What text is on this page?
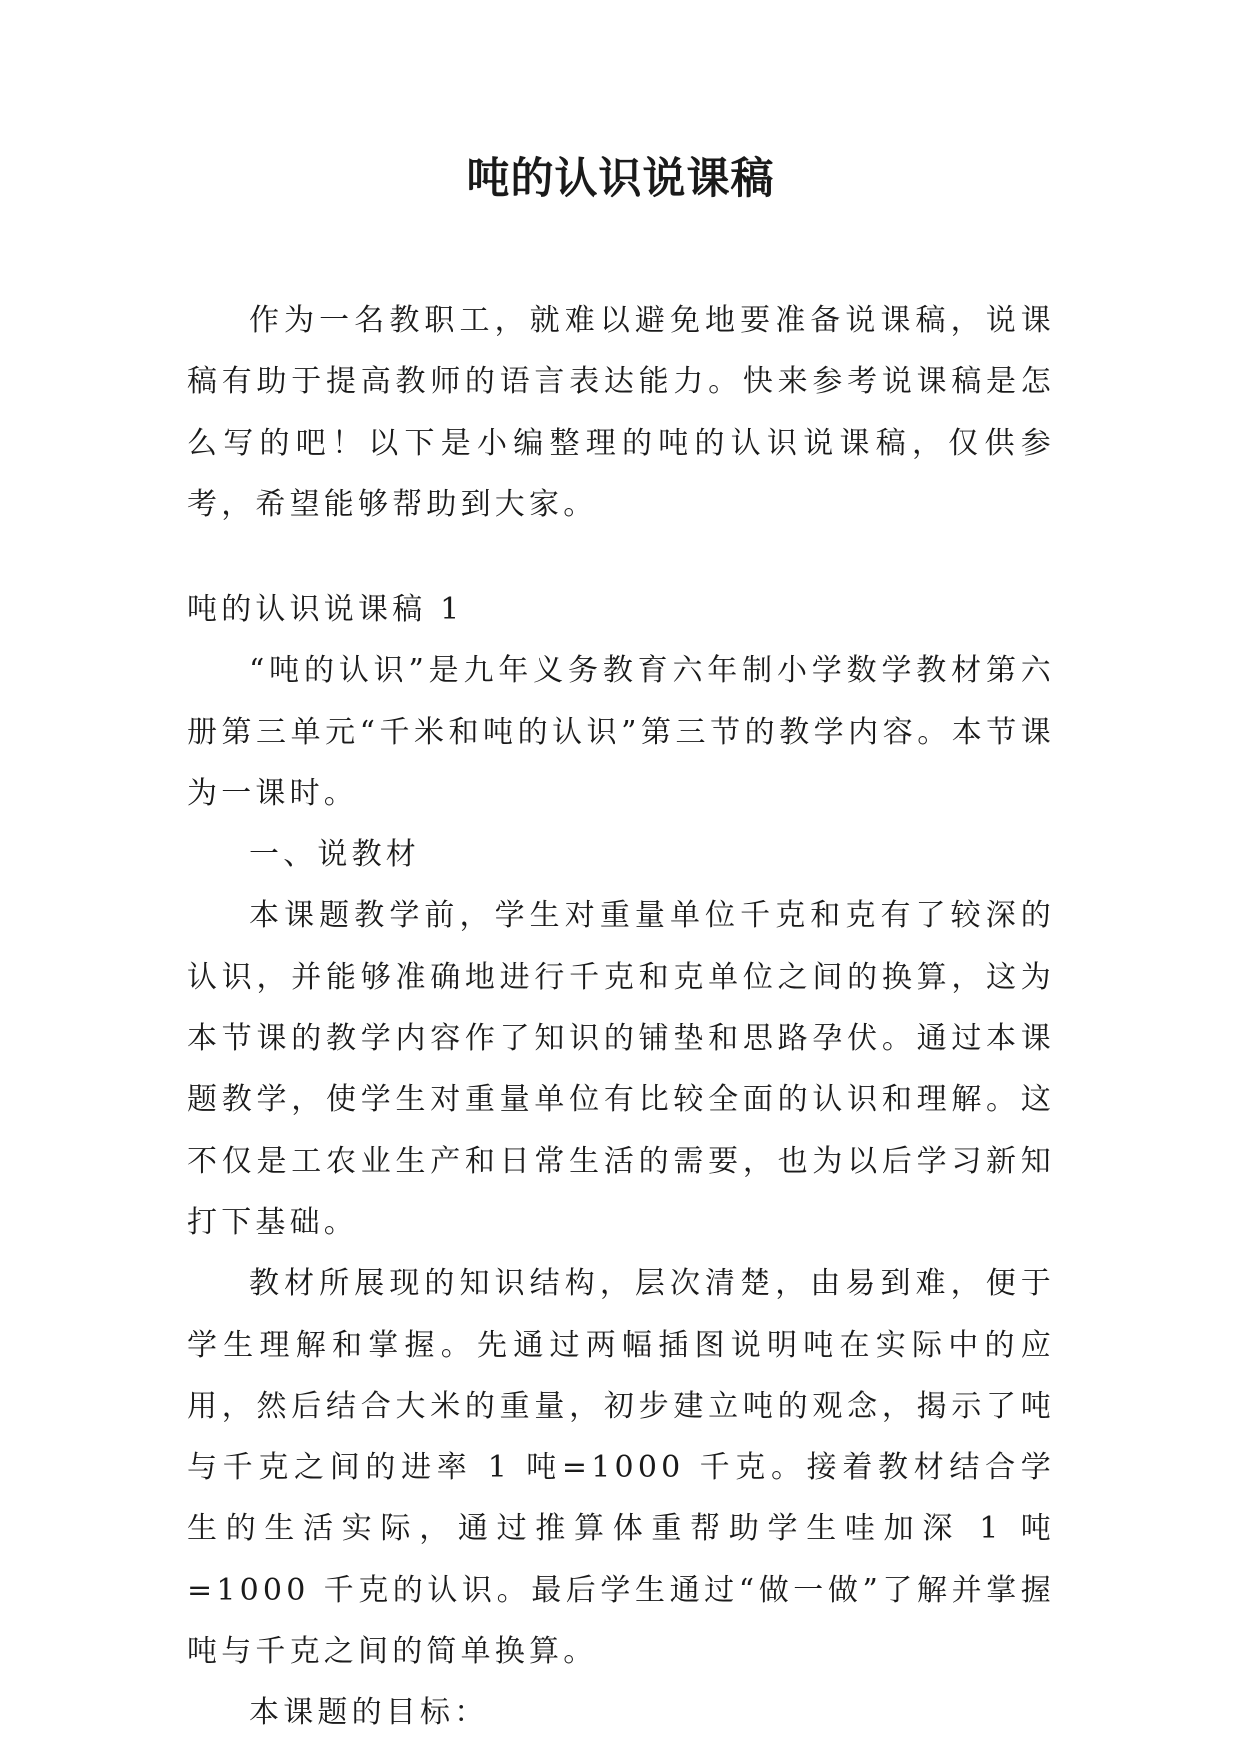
吨的认识说课稿

作为一名教职工，就难以避免地要准备说课稿，说课稿有助于提高教师的语言表达能力。快来参考说课稿是怎么写的吧！以下是小编整理的吨的认识说课稿，仅供参考，希望能够帮助到大家。

吨的认识说课稿 1

“吨的认识”是九年义务教育六年制小学数学教材第六册第三单元“千米和吨的认识”第三节的教学内容。本节课为一课时。

一、说教材

本课题教学前，学生对重量单位千克和克有了较深的认识，并能够准确地进行千克和克单位之间的换算，这为本节课的教学内容作了知识的铺垫和思路孕伏。通过本课题教学，使学生对重量单位有比较全面的认识和理解。这不仅是工农业生产和日常生活的需要，也为以后学习新知打下基础。

教材所展现的知识结构，层次清楚，由易到难，便于学生理解和掌握。先通过两幅插图说明吨在实际中的应用，然后结合大米的重量，初步建立吨的观念，揭示了吨与千克之间的进率 1 吨=1000 千克。接着教材结合学生的生活实际，通过推算体重帮助学生哇加深 1 吨=1000 千克的认识。最后学生通过“做一做”了解并掌握吨与千克之间的简单换算。

本课题的目标：
